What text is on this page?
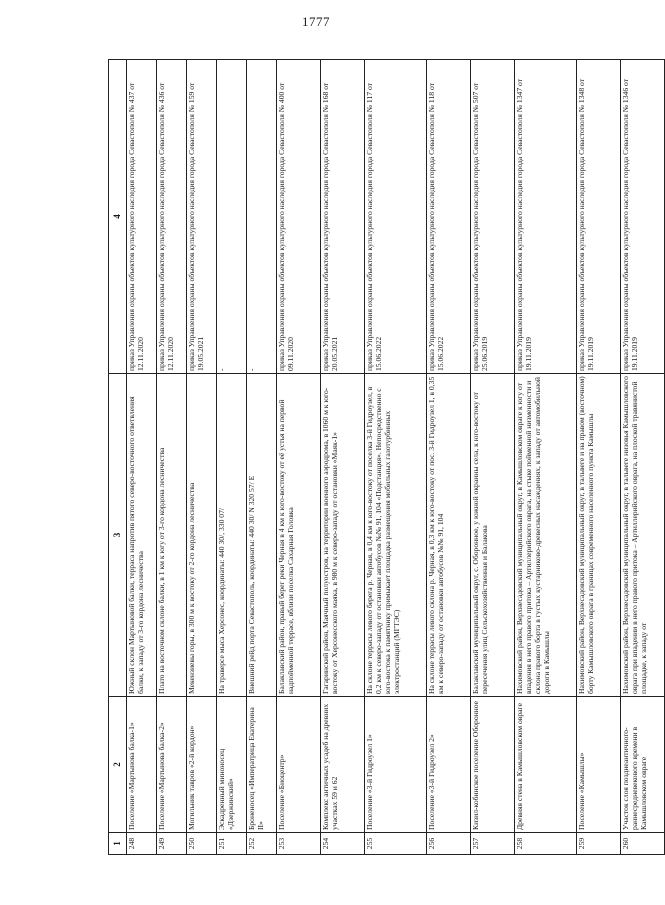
1777
1	2	3	4
248	Поселение «Мартынова балка-1»	Южный склон Мартыновой балки, терраса напротив пятого северо-восточного ответвления балки, к западу от 3-го кордона лесничества	приказ Управления охраны объектов культурного наследия города Севастополя № 437 от 12.11.2020
249	Поселение «Мартынова балка-2»	Плато на восточном склоне балки, в 1 км к югу от 3-го кордона лесничества	приказ Управления охраны объектов культурного наследия города Севастополя № 436 от 12.11.2020
250	Могильник тавров «2-й кордон»	Мекензиевы горы, в 300 м к востоку от 2-го кордона лесничества	приказ Управления охраны объектов культурного наследия города Севастополя № 159 от 19.05.2021
251	Эскадренный миноносец «Дзержинский»	На траверсе мыса Херсонес, координаты: 440 30/, 330 07/	-
252	Броненосец «Императрица Екатерина II»	Внешний рейд порта Севастополь, координаты: 440 30/ N 320 57/ E	-
253	Поселение «Биоцентр»	Балаклавский район, правый берег реки Черная в 4 км к юго-востоку от её устья на первой надпойменной террасе, вблизи поселка Сахарная Головка	приказ Управления охраны объектов культурного наследия города Севастополя № 400 от 09.11.2020
254	Комплекс античных усадеб на древних участках 59 и 62	Гагаринский район, Маячный полуостров, на территории военного аэродрома, в 1060 м к юго-востоку от Херсонесского маяка, в 980 м к северо-западу от остановки «Маяк-1»	приказ Управления охраны объектов культурного наследия города Севастополя № 168 от 20.05.2021
255	Поселение «3-й Гидроузел 1»	На склоне террасы левого берега р. Черная, в 0,4 км к юго-востоку от поселка 3-й Гидроузел, в 0,2 км к северо-западу от остановки автобусов №№ 91, 104 «Подстанция». Непосредственно с юго-востока к памятнику примыкает площадка размещения мобильных газотурбинных электростанций (МГТЭС)	приказ Управления охраны объектов культурного наследия города Севастополя № 117 от 15.06.2022
256	Поселение «3-й Гидроузел 2»	На склоне террасы левого склона р. Черная, в 0,3 км к юго-востоку от пос. 3-й Гидроузел 1, в 0,35 км к северо-западу от остановки автобусов №№ 91, 104	приказ Управления охраны объектов культурного наследия города Севастополя № 118 от 15.06.2022
257	Кизил-кобинское поселение Оборонное	Балаклавский муниципальный округ, с. Оборонное, у южной окраины села, к юго-востоку от пересечения улиц Сельскохозяйственная и Балакова	приказ Управления охраны объектов культурного наследия города Севастополя № 507 от 25.06.2019
258	Древняя стена в Камышловском овраге	Нахимовский район, Верхнесадовский муниципальный округ, в Камышловском овраге к югу от впадения в него правого притока – Артиллерийского оврага, на стыке пойменной низменности и склона правого борта в густых кустарниково-древесных насаждениях, к западу от автомобильной дороги в Камышлы	приказ Управления охраны объектов культурного наследия города Севастополя № 1347 от 19.11.2019
259	Поселение «Камышлы»	Нахимовский район, Верхнесадовский муниципальный округ, в тальвеге и на правом (восточном) борту Камышловского оврага в границах современного населенного пункта Камышлы	приказ Управления охраны объектов культурного наследия города Севастополя № 1348 от 19.11.2019
260	Участок слоя позднеантичного-раннесредневекового времени в Камышловском овраге	Нахимовский район, Верхнесадовский муниципальный округ, в тальвеге низовья Камышловского оврага при впадении в него правого притока – Артиллерийского оврага, на плоской травянистой площадке, к западу от	приказ Управления охраны объектов культурного наследия города Севастополя № 1346 от 19.11.2019
